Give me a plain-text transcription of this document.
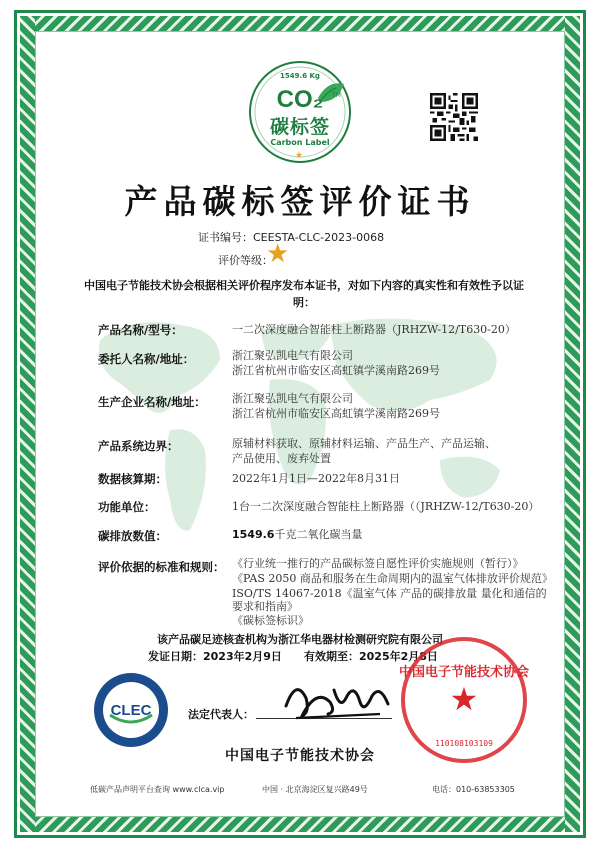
1549.6 Kg
CO₂	TM
碳标签
Carbon Label
★
产品碳标签评价证书
证书编号：CEESTA-CLC-2023-0068
评价等级：
★
中国电子节能技术协会根据相关评价程序发布本证书，对如下内容的真实性和有效性予以证明：
产品名称/型号：	一二次深度融合智能柱上断路器（JRHZW-12/T630-20）
委托人名称/地址：	浙江聚弘凯电气有限公司
浙江省杭州市临安区高虹镇学溪南路269号
生产企业名称/地址： 浙江聚弘凯电气有限公司
浙江省杭州市临安区高虹镇学溪南路269号
产品系统边界：	原辅材料获取、原辅材料运输、产品生产、产品运输、
产品使用、废弃处置
数据核算期：	2022年1月1日—2022年8月31日
功能单位：	1台一二次深度融合智能柱上断路器（（JRHZW-12/T630-20）
碳排放数值：	1549.6千克二氧化碳当量
评价依据的标准和规则： 《行业统一推行的产品碳标签自愿性评价实施规则（暂行）》
《PAS 2050 商品和服务在生命周期内的温室气体排放评价规范》
ISO/TS 14067-2018《温室气体 产品的碳排放量 量化和通信的
要求和指南》
《碳标签标识》
该产品碳足迹核查机构为浙江华电器材检测研究院有限公司
发证日期：2023年2月9日 有效期至：2025年2月8日
CLEC	法定代表人：
中国电子节能技术协会
★
110108103109
中国电子节能技术协会
低碳产品声明平台查询 www.clca.vip	中国 · 北京海淀区复兴路49号	电话：010-63853305
